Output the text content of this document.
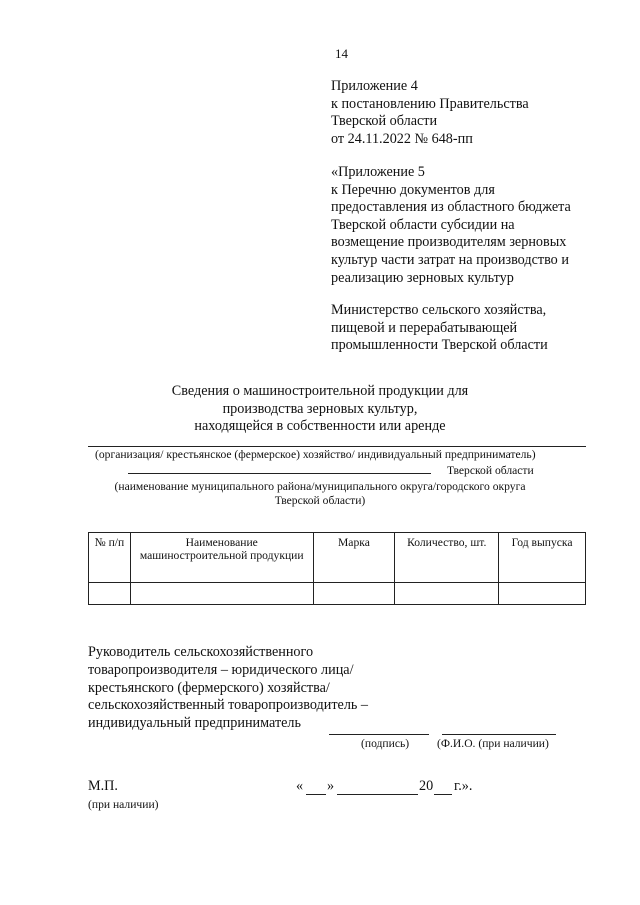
14
Приложение 4
к постановлению Правительства
Тверской области
от 24.11.2022 № 648-пп
«Приложение 5
к Перечню документов для
предоставления из областного бюджета
Тверской области субсидии на
возмещение производителям зерновых
культур части затрат на производство и
реализацию зерновых культур
Министерство сельского хозяйства,
пищевой и перерабатывающей
промышленности Тверской области
Сведения о машиностроительной продукции для
производства зерновых культур,
находящейся в собственности или аренде
(организация/ крестьянское (фермерское) хозяйство/ индивидуальный предприниматель)
Тверской области
(наименование муниципального района/муниципального округа/городского округа
Тверской области)
№ п/п	Наименование машиностроительной продукции	Марка	Количество, шт.	Год выпуска

Руководитель сельскохозяйственного
товаропроизводителя – юридического лица/
крестьянского (фермерского) хозяйства/
сельскохозяйственный товаропроизводитель –
индивидуальный предприниматель
(подпись) (Ф.И.О. (при наличии)
М.П.
(при наличии)
« »	20 г.».
